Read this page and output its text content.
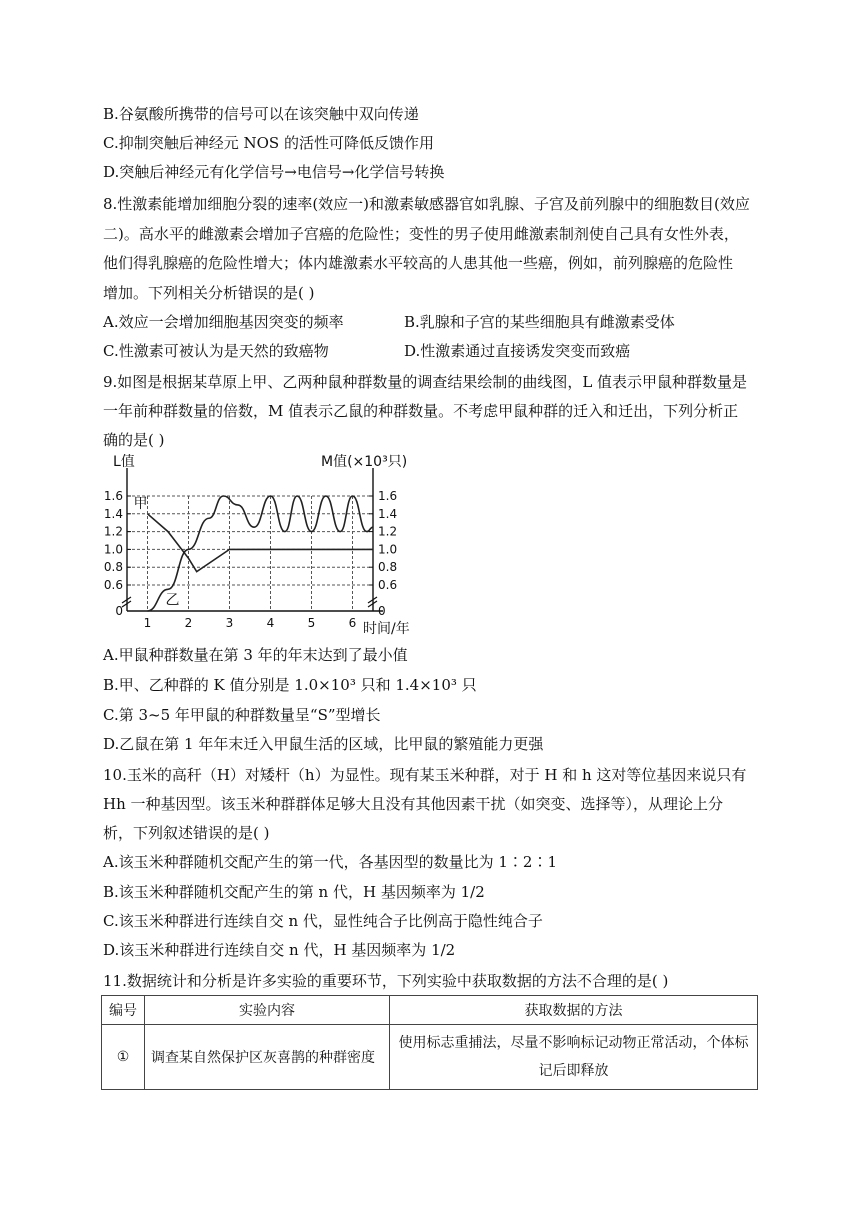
B.谷氨酸所携带的信号可以在该突触中双向传递
C.抑制突触后神经元 NOS 的活性可降低反馈作用
D.突触后神经元有化学信号→电信号→化学信号转换
8.性激素能增加细胞分裂的速率(效应一)和激素敏感器官如乳腺、子宫及前列腺中的细胞数目(效应
二)。高水平的雌激素会增加子宫癌的危险性；变性的男子使用雌激素制剂使自己具有女性外表，
他们得乳腺癌的危险性增大；体内雄激素水平较高的人患其他一些癌，例如，前列腺癌的危险性
增加。下列相关分析错误的是( )
A.效应一会增加细胞基因突变的频率	B.乳腺和子宫的某些细胞具有雌激素受体
C.性激素可被认为是天然的致癌物	D.性激素通过直接诱发突变而致癌
9.如图是根据某草原上甲、乙两种鼠种群数量的调查结果绘制的曲线图，L 值表示甲鼠种群数量是
一年前种群数量的倍数，M 值表示乙鼠的种群数量。不考虑甲鼠种群的迁入和迁出，下列分析正
确的是( )
0	0
0.6	0.6
0.8	0.8
1.0	1.0
1.2	1.2
1.4	1.4
1.6	1.6
1	2	3	4	5	6
L值	M值(×10³只)
时间/年
甲
乙
A.甲鼠种群数量在第 3 年的年末达到了最小值
B.甲、乙种群的 K 值分别是 1.0×10³ 只和 1.4×10³ 只
C.第 3~5 年甲鼠的种群数量呈“S”型增长
D.乙鼠在第 1 年年末迁入甲鼠生活的区域，比甲鼠的繁殖能力更强
10.玉米的高秆（H）对矮杆（h）为显性。现有某玉米种群，对于 H 和 h 这对等位基因来说只有
Hh 一种基因型。该玉米种群群体足够大且没有其他因素干扰（如突变、选择等），从理论上分
析，下列叙述错误的是( )
A.该玉米种群随机交配产生的第一代，各基因型的数量比为 1∶2∶1
B.该玉米种群随机交配产生的第 n 代，H 基因频率为 1/2
C.该玉米种群进行连续自交 n 代，显性纯合子比例高于隐性纯合子
D.该玉米种群进行连续自交 n 代，H 基因频率为 1/2
11.数据统计和分析是许多实验的重要环节，下列实验中获取数据的方法不合理的是( )
编号	实验内容	获取数据的方法
①	调查某自然保护区灰喜鹊的种群密度	使用标志重捕法，尽量不影响标记动物正常活动，个体标记后即释放
